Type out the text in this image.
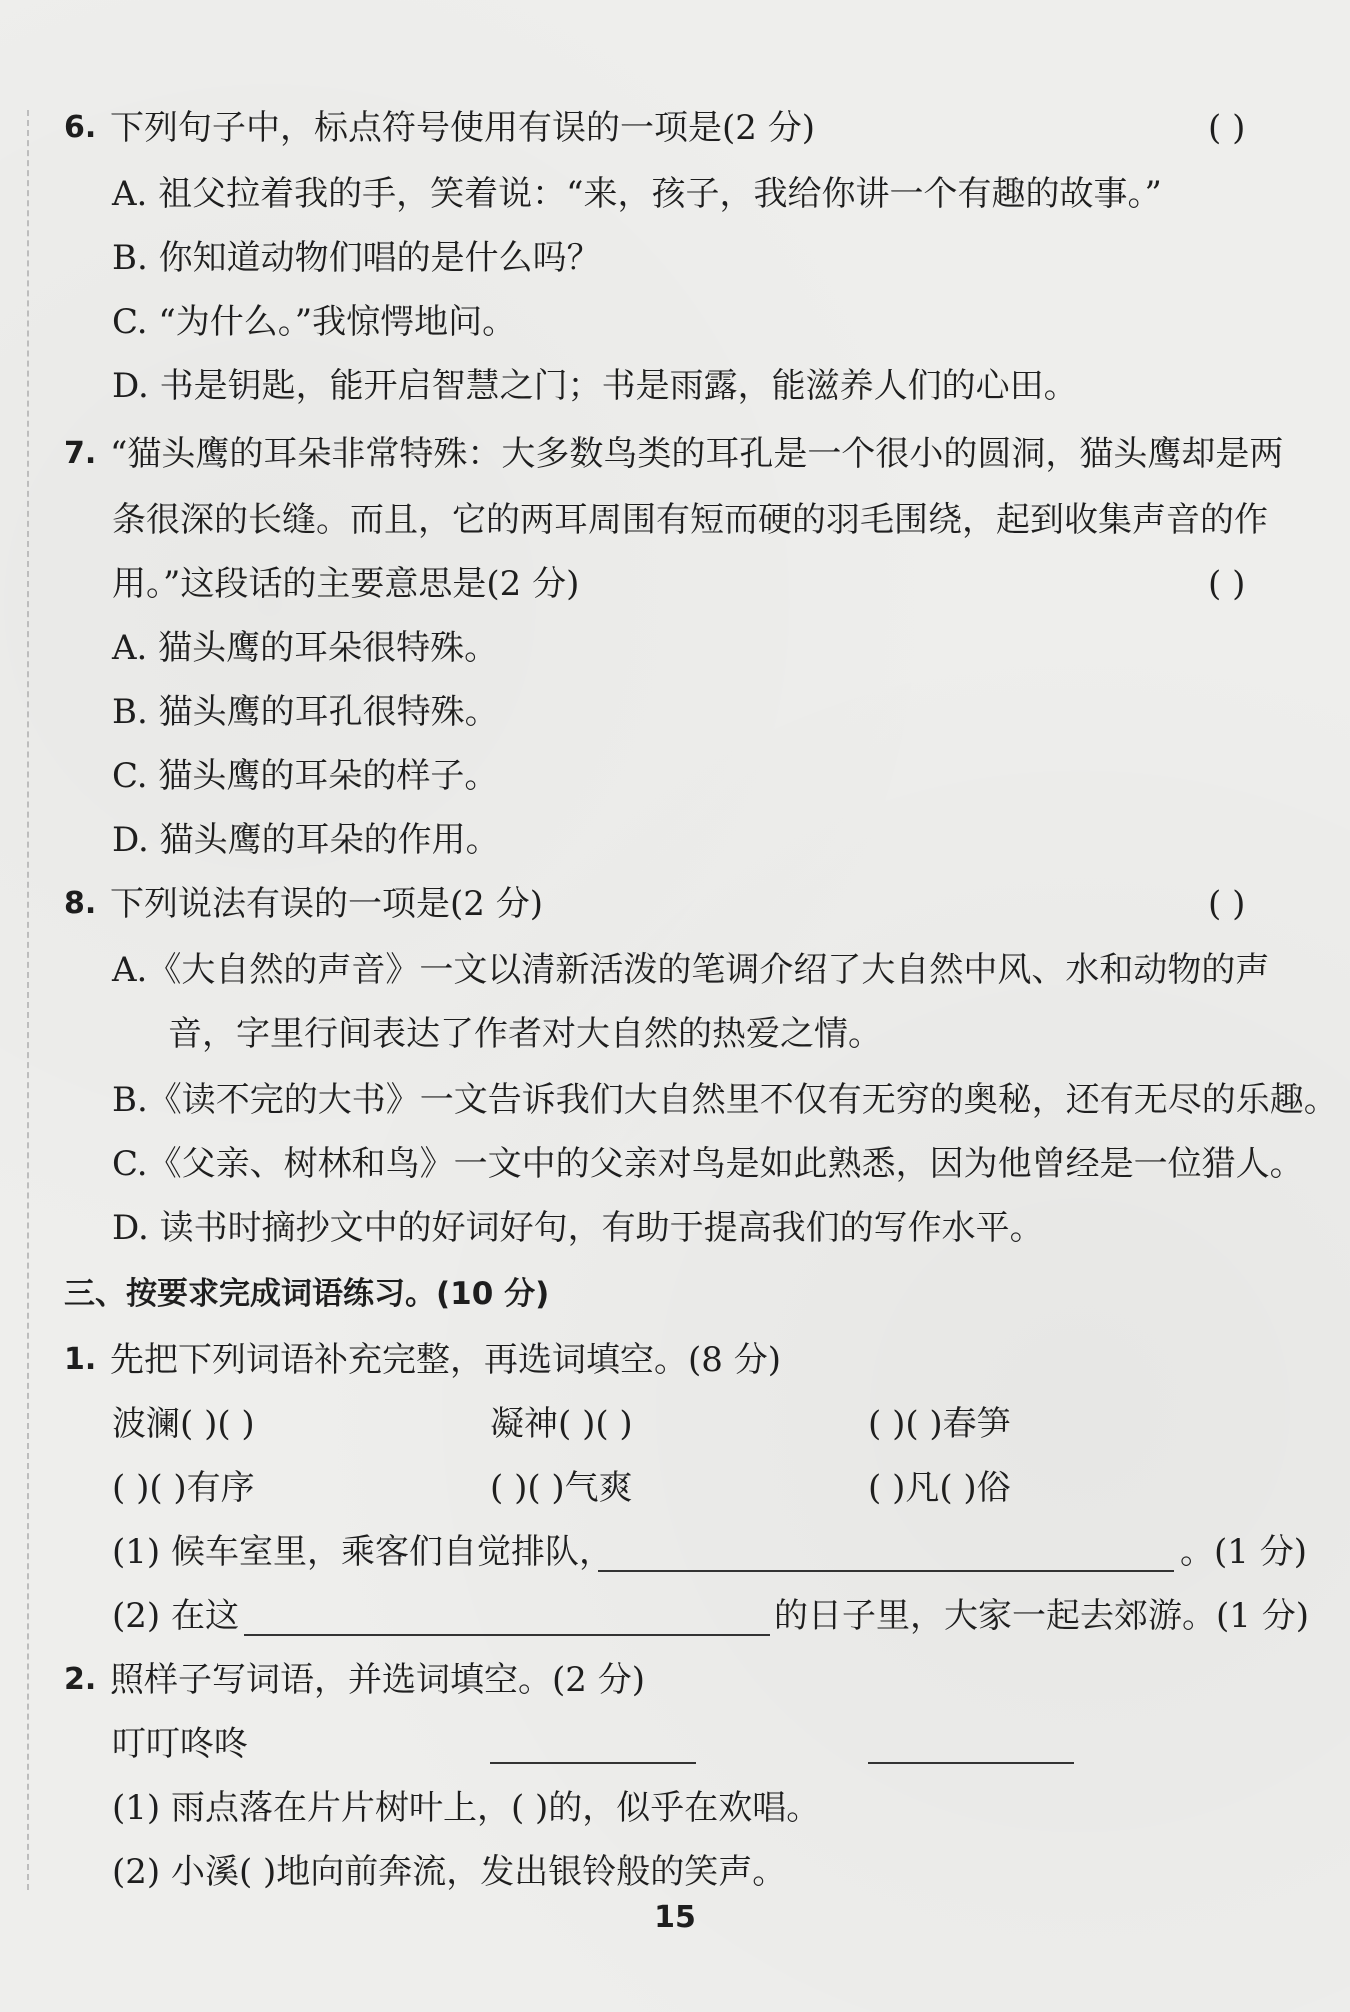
6. 下列句子中，标点符号使用有误的一项是(2 分)	( )
A. 祖父拉着我的手，笑着说：“来，孩子，我给你讲一个有趣的故事。”
B. 你知道动物们唱的是什么吗？
C. “为什么。”我惊愕地问。
D. 书是钥匙，能开启智慧之门；书是雨露，能滋养人们的心田。
7. “猫头鹰的耳朵非常特殊：大多数鸟类的耳孔是一个很小的圆洞，猫头鹰却是两
条很深的长缝。而且，它的两耳周围有短而硬的羽毛围绕，起到收集声音的作
用。”这段话的主要意思是(2 分)	( )
A. 猫头鹰的耳朵很特殊。
B. 猫头鹰的耳孔很特殊。
C. 猫头鹰的耳朵的样子。
D. 猫头鹰的耳朵的作用。
8. 下列说法有误的一项是(2 分)	( )
A.《大自然的声音》一文以清新活泼的笔调介绍了大自然中风、水和动物的声
音，字里行间表达了作者对大自然的热爱之情。
B.《读不完的大书》一文告诉我们大自然里不仅有无穷的奥秘，还有无尽的乐趣。
C.《父亲、树林和鸟》一文中的父亲对鸟是如此熟悉，因为他曾经是一位猎人。
D. 读书时摘抄文中的好词好句，有助于提高我们的写作水平。
三、按要求完成词语练习。(10 分)
1. 先把下列词语补充完整，再选词填空。(8 分)
波澜( )( )	凝神( )( )	( )( )春笋
( )( )有序	( )( )气爽	( )凡( )俗
(1) 候车室里，乘客们自觉排队，	。(1 分)
(2) 在这	的日子里，大家一起去郊游。(1 分)
2. 照样子写词语，并选词填空。(2 分)
叮叮咚咚
(1) 雨点落在片片树叶上，( )的，似乎在欢唱。
(2) 小溪( )地向前奔流，发出银铃般的笑声。
15
